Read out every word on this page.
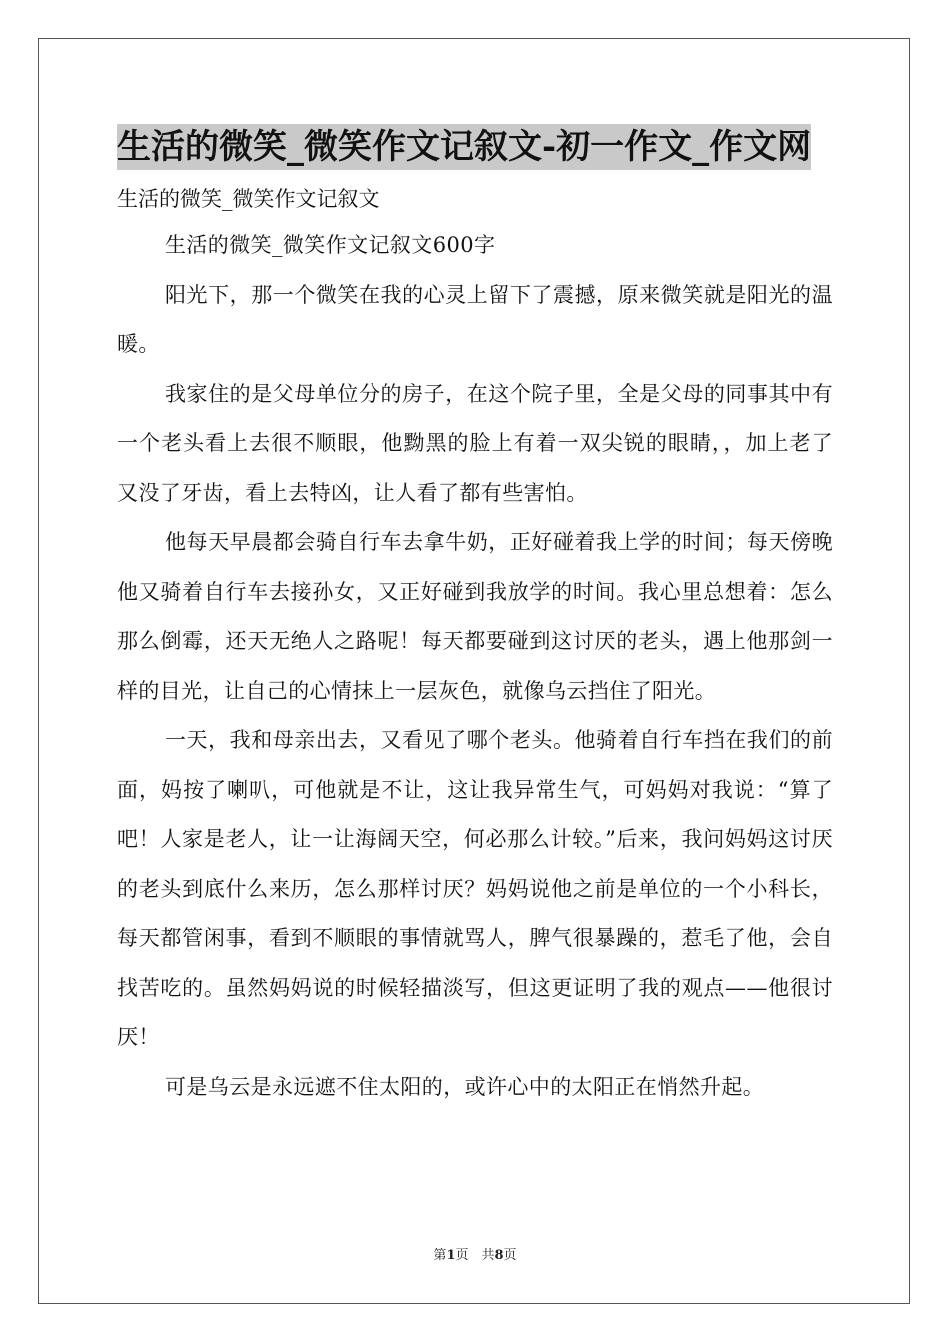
生活的微笑_微笑作文记叙文-初一作文_作文网
生活的微笑_微笑作文记叙文

生活的微笑_微笑作文记叙文600字

阳光下，那一个微笑在我的心灵上留下了震撼，原来微笑就是阳光的温暖。

我家住的是父母单位分的房子，在这个院子里，全是父母的同事其中有一个老头看上去很不顺眼，他黝黑的脸上有着一双尖锐的眼睛，，加上老了又没了牙齿，看上去特凶，让人看了都有些害怕。

他每天早晨都会骑自行车去拿牛奶，正好碰着我上学的时间；每天傍晚他又骑着自行车去接孙女，又正好碰到我放学的时间。我心里总想着：怎么那么倒霉，还天无绝人之路呢！每天都要碰到这讨厌的老头，遇上他那剑一样的目光，让自己的心情抹上一层灰色，就像乌云挡住了阳光。

一天，我和母亲出去，又看见了哪个老头。他骑着自行车挡在我们的前面，妈按了喇叭，可他就是不让，这让我异常生气，可妈妈对我说：“算了吧！人家是老人，让一让海阔天空，何必那么计较。”后来，我问妈妈这讨厌的老头到底什么来历，怎么那样讨厌？妈妈说他之前是单位的一个小科长，每天都管闲事，看到不顺眼的事情就骂人，脾气很暴躁的，惹毛了他，会自找苦吃的。虽然妈妈说的时候轻描淡写，但这更证明了我的观点——他很讨厌！

可是乌云是永远遮不住太阳的，或许心中的太阳正在悄然升起。

第1页　共8页
